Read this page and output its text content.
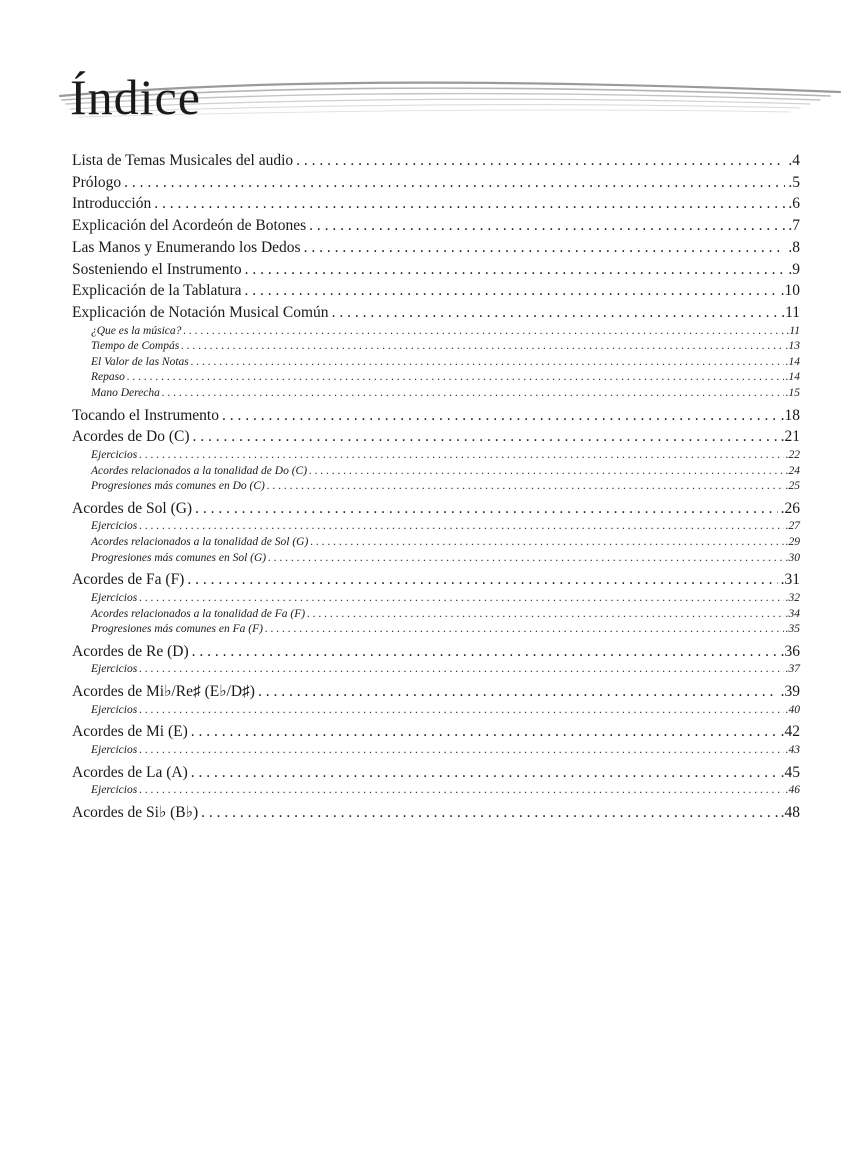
Índice
Lista de Temas Musicales del audio . . .	.4
Prólogo . . .	.5
Introducción . . .	.6
Explicación del Acordeón de Botones . . .	.7
Las Manos y Enumerando los Dedos . . .	.8
Sosteniendo el Instrumento . . .	.9
Explicación de la Tablatura . . .	.10
Explicación de Notación Musical Común . . .	.11
¿Que es la música? . . .	.11
Tiempo de Compás . . .	.13
El Valor de las Notas . . .	.14
Repaso . . .	.14
Mano Derecha . . .	.15
Tocando el Instrumento . . .	.18
Acordes de Do (C) . . .	.21
Ejercicios . . .	.22
Acordes relacionados a la tonalidad de Do (C) . . .	.24
Progresiones más comunes en Do (C) . . .	.25
Acordes de Sol (G) . . .	.26
Ejercicios . . .	.27
Acordes relacionados a la tonalidad de Sol (G) . . .	.29
Progresiones más comunes en Sol (G) . . .	.30
Acordes de Fa (F) . . .	.31
Ejercicios . . .	.32
Acordes relacionados a la tonalidad de Fa (F) . . .	.34
Progresiones más comunes en Fa (F) . . .	.35
Acordes de Re (D) . . .	.36
Ejercicios . . .	.37
Acordes de Mi♭/Re♯ (E♭/D♯) . . .	.39
Ejercicios . . .	.40
Acordes de Mi (E) . . .	.42
Ejercicios . . .	.43
Acordes de La (A) . . .	.45
Ejercicios . . .	.46
Acordes de Si♭ (B♭) . . .	.48
